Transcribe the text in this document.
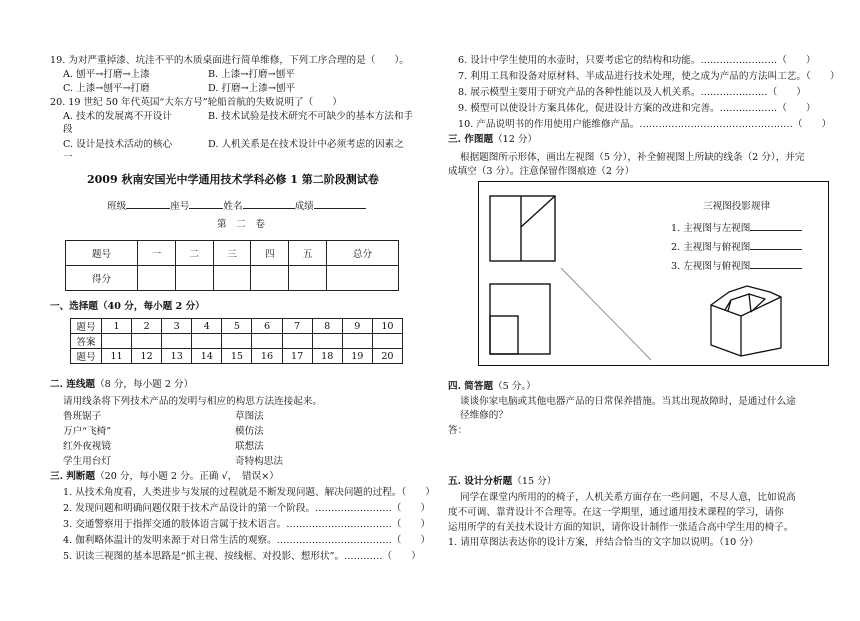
19. 为对严重掉漆、坑洼不平的木质桌面进行简单维修，下列工序合理的是（　　）。
A. 刨平→打磨→上漆	B. 上漆→打磨→刨平
C. 上漆→刨平→打磨	D. 打磨→上漆→刨平
20. 19 世纪 50 年代英国“大东方号”轮船首航的失败说明了（　　）
A. 技术的发展离不开设计	B. 技术试验是技术研究不可缺少的基本方法和手
段
C. 设计是技术活动的核心	D. 人机关系是在技术设计中必须考虑的因素之
一
2009 秋南安国光中学通用技术学科必修 1 第二阶段测试卷
班级	座号	姓名	成绩
第　二　卷
题号	一	二	三	四	五	总分
得分						
一、选择题（40 分，每小题 2 分）
题号	1	2	3	4	5	6	7	8	9	10
答案										
题号	11	12	13	14	15	16	17	18	19	20
二. 连线题（8 分，每小题 2 分）
请用线条将下列技术产品的发明与相应的构思方法连接起来。
鲁班锯子	草图法
万户“飞椅”	模仿法
红外夜视镜	联想法
学生用台灯	奇特构思法
三. 判断题（20 分，每小题 2 分。正确 √，　错误×）
1. 从技术角度看，人类进步与发展的过程就是不断发现问题、解决问题的过程。（　　）
2. 发现问题和明确问题仅限于技术产品设计的第一个阶段。……………………（　　）
3. 交通警察用于指挥交通的肢体语言属于技术语言。……………………………（　　）
4. 伽利略体温计的发明来源于对日常生活的观察。………………………………（　　）
5. 识读三视图的基本思路是“抓主视、按线框、对投影、想形状”。…………（　　）
6. 设计中学生使用的水壶时，只要考虑它的结构和功能。……………………（　　）
7. 利用工具和设备对原材料、半成品进行技术处理，使之成为产品的方法叫工艺。（　　）
8. 展示模型主要用于研究产品的各种性能以及人机关系。…………………（　　）
9. 模型可以使设计方案具体化，促进设计方案的改进和完善。………………（　　）
10. 产品说明书的作用使用户能维修产品。…………………………………………（　　）
三. 作图题（12 分）
根据题图所示形体，画出左视图（5 分），补全俯视图上所缺的线条（2 分），并完
成填空（3 分）。注意保留作图痕迹（2 分）
三视图投影规律
1. 主视图与左视图
2. 主视图与俯视图
3. 左视图与俯视图
四. 简答题（5 分。）
谈谈你家电脑或其他电器产品的日常保养措施。当其出现故障时，是通过什么途
径维修的？
答：
五. 设计分析题（15 分）
同学在课堂内所用的的椅子，人机关系方面存在一些问题，不尽人意，比如说高
度不可调、靠背设计不合理等。在这一学期里，通过通用技术课程的学习，请你
运用所学的有关技术设计方面的知识，请你设计制作一张适合高中学生用的椅子。
1. 请用草图法表达你的设计方案，并结合恰当的文字加以说明。（10 分）
